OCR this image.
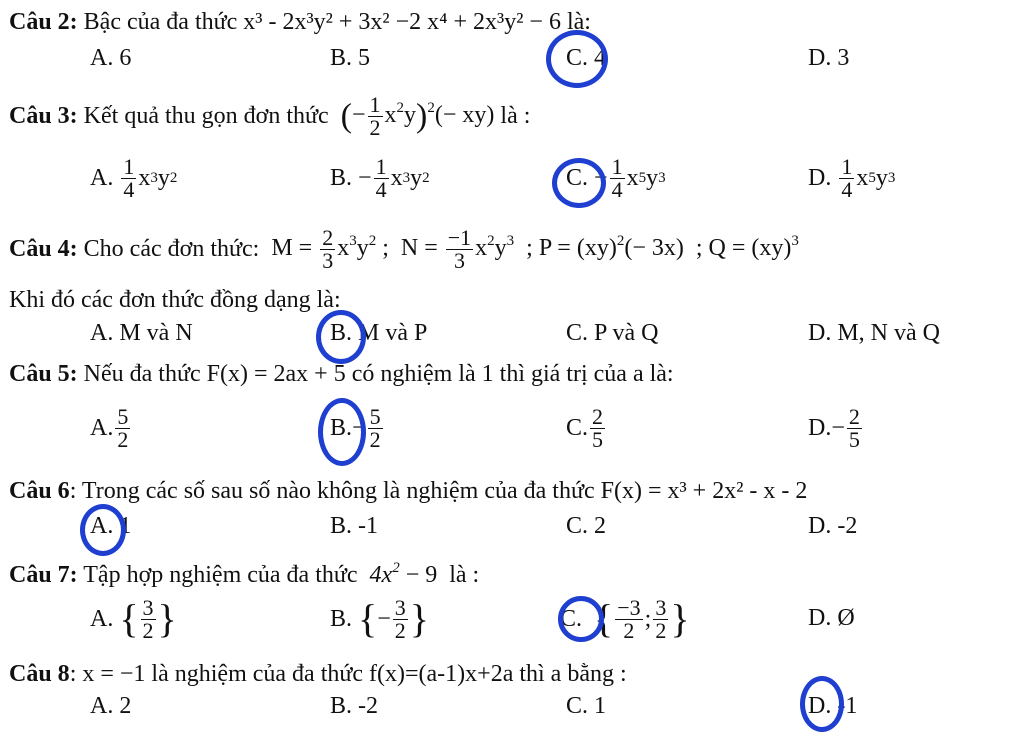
Câu 2: Bậc của đa thức x³ - 2x³y² + 3x² −2 x⁴ + 2x³y² − 6 là:
A. 6	B. 5	C. 4	D. 3
Câu 3:
Kết quả thu gọn đơn thức
(− $\frac{1}{2} x^2y)^2(- xy)$
là :
A.
$\frac{1}{4}$ x 3 y 2	B. − $\frac{1}{4}$ x 3 y 2	C. − $\frac{1}{4}$ x 5 y 3	D.
$\frac{1}{4}$ x 5 y 3
Câu 4:
Cho các đơn thức:
$M = \frac{2}{3} x^3y^2$ ;  $N = \frac{-1}{3} x^2y^3$  ; P = (xy)$^2$(− 3x)  ; Q = (xy)$^3$
Khi đó các đơn thức đồng dạng là:
A. M và N	B. M và P	C. P và Q	D. M, N và Q
Câu 5: Nếu đa thức F(x) = 2ax + 5 có nghiệm là 1 thì giá trị của a là:
A. $\frac{5}{2}$	B. − $\frac{5}{2}$	C. $\frac{2}{5}$	D. − $\frac{2}{5}$
Câu 6: Trong các số sau số nào không là nghiệm của đa thức F(x) = x³ + 2x² - x - 2
A. 1	B. -1	C. 2	D. -2
Câu 7: Tập hợp nghiệm của đa thức $4x^2 - 9$ là :
A.
{ $\frac{3}{2}$ }	B.
{ − $\frac{3}{2}$ }	C.
{ $\frac{-3}{2}$ ; $\frac{3}{2}$ }	D. Ø
Câu 8: x = −1 là nghiệm của đa thức f(x)=(a-1)x+2a thì a bằng :
A. 2	B. -2	C. 1	D. -1
